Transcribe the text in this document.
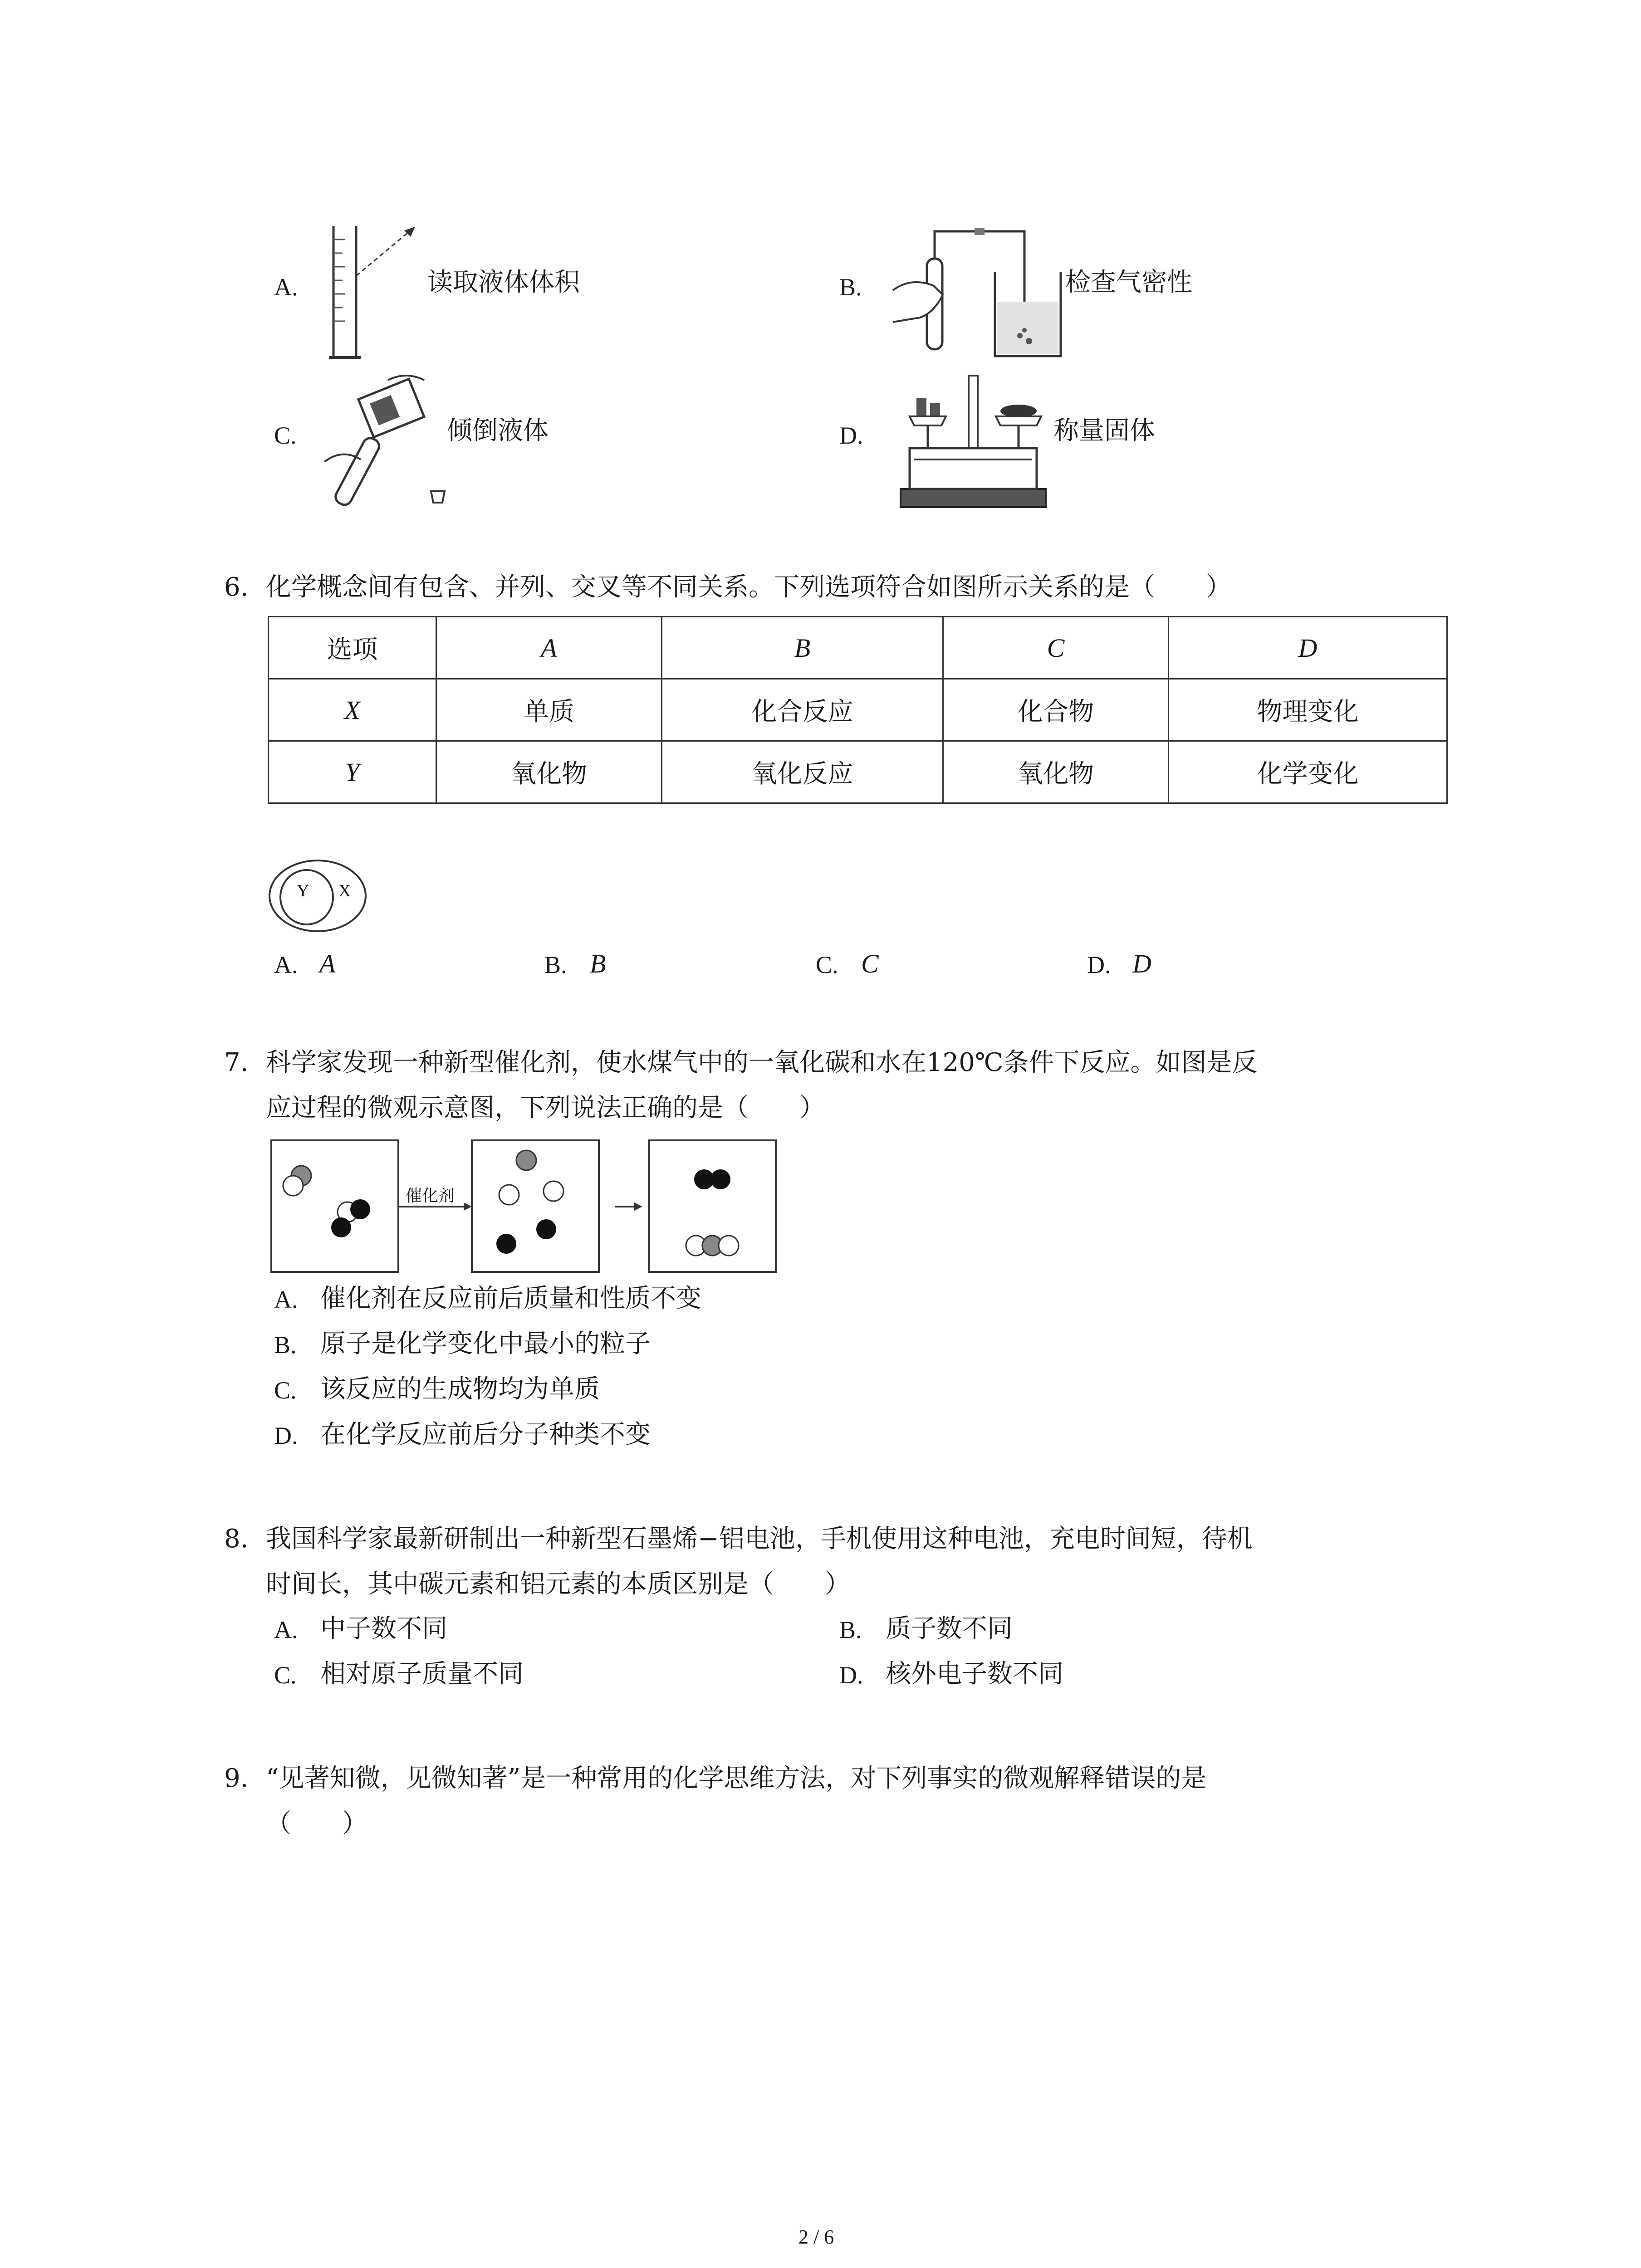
A.	读取液体体积	B.	检查气密性
C.	倾倒液体	D.	称量固体
6. 化学概念间有包含、并列、交叉等不同关系。下列选项符合如图所示关系的是（　　）
选项	A	B	C	D
X	单质	化合反应	化合物	物理变化
Y	氧化物	氧化反应	氧化物	化学变化
Y X
A. A	B. B	C. C	D. D
7. 科学家发现一种新型催化剂，使水煤气中的一氧化碳和水在120℃条件下反应。如图是反
应过程的微观示意图，下列说法正确的是（　　）
催化剂
A. 催化剂在反应前后质量和性质不变
B. 原子是化学变化中最小的粒子
C. 该反应的生成物均为单质
D. 在化学反应前后分子种类不变
8. 我国科学家最新研制出一种新型石墨烯−铝电池，手机使用这种电池，充电时间短，待机
时间长，其中碳元素和铝元素的本质区别是（　　）
A. 中子数不同	B. 质子数不同
C. 相对原子质量不同	D. 核外电子数不同
9. “见著知微，见微知著”是一种常用的化学思维方法，对下列事实的微观解释错误的是
（　　）
2 / 6
